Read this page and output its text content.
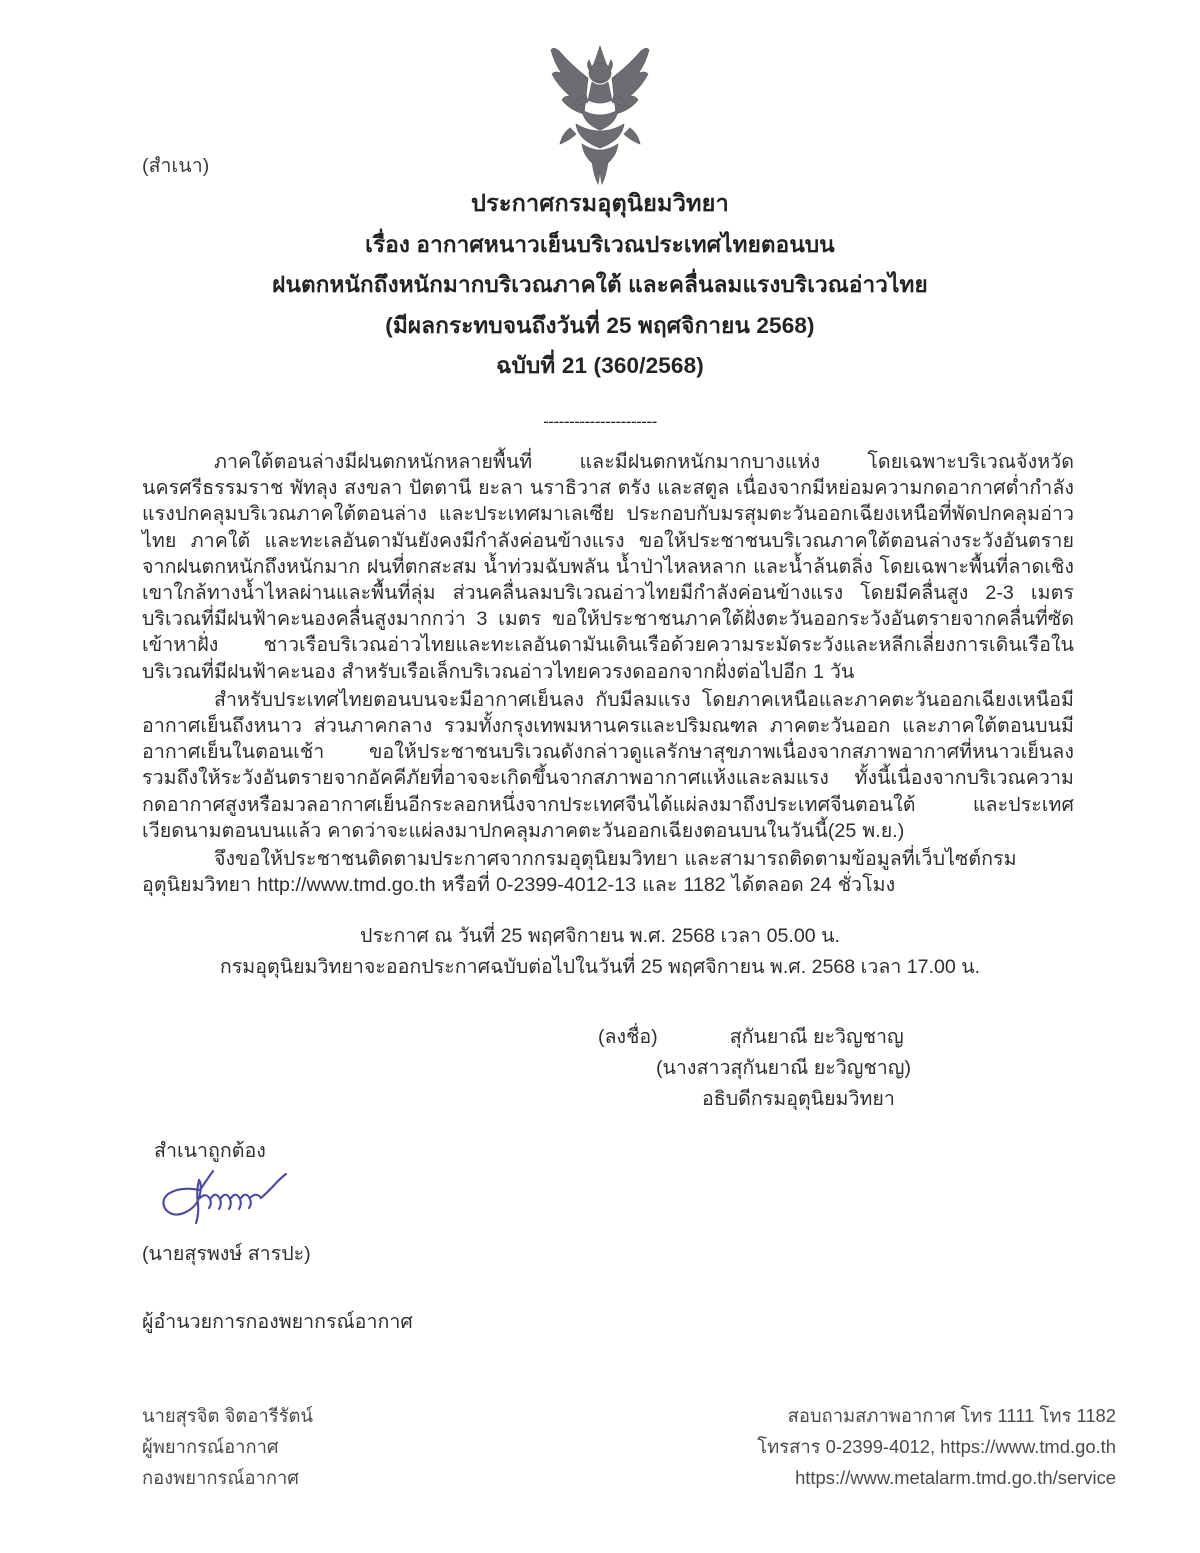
(สำเนา)
ประกาศกรมอุตุนิยมวิทยา
เรื่อง อากาศหนาวเย็นบริเวณประเทศไทยตอนบน
ฝนตกหนักถึงหนักมากบริเวณภาคใต้ และคลื่นลมแรงบริเวณอ่าวไทย
(มีผลกระทบจนถึงวันที่ 25 พฤศจิกายน 2568)
ฉบับที่ 21 (360/2568)
----------------------

ภาคใต้ตอนล่างมีฝนตกหนักหลายพื้นที่ และมีฝนตกหนักมากบางแห่ง โดยเฉพาะบริเวณจังหวัดนครศรีธรรมราช พัทลุง สงขลา ปัตตานี ยะลา นราธิวาส ตรัง และสตูล เนื่องจากมีหย่อมความกดอากาศต่ำกำลังแรงปกคลุมบริเวณภาคใต้ตอนล่าง และประเทศมาเลเซีย ประกอบกับมรสุมตะวันออกเฉียงเหนือที่พัดปกคลุมอ่าวไทย ภาคใต้ และทะเลอันดามันยังคงมีกำลังค่อนข้างแรง ขอให้ประชาชนบริเวณภาคใต้ตอนล่างระวังอันตรายจากฝนตกหนักถึงหนักมาก ฝนที่ตกสะสม น้ำท่วมฉับพลัน น้ำป่าไหลหลาก และน้ำล้นตลิ่ง โดยเฉพาะพื้นที่ลาดเชิงเขาใกล้ทางน้ำไหลผ่านและพื้นที่ลุ่ม ส่วนคลื่นลมบริเวณอ่าวไทยมีกำลังค่อนข้างแรง โดยมีคลื่นสูง 2-3 เมตร บริเวณที่มีฝนฟ้าคะนองคลื่นสูงมากกว่า 3 เมตร ขอให้ประชาชนภาคใต้ฝั่งตะวันออกระวังอันตรายจากคลื่นที่ซัดเข้าหาฝั่ง ชาวเรือบริเวณอ่าวไทยและทะเลอันดามันเดินเรือด้วยความระมัดระวังและหลีกเลี่ยงการเดินเรือในบริเวณที่มีฝนฟ้าคะนอง สำหรับเรือเล็กบริเวณอ่าวไทยควรงดออกจากฝั่งต่อไปอีก 1 วัน

สำหรับประเทศไทยตอนบนจะมีอากาศเย็นลง กับมีลมแรง โดยภาคเหนือและภาคตะวันออกเฉียงเหนือมีอากาศเย็นถึงหนาว ส่วนภาคกลาง รวมทั้งกรุงเทพมหานครและปริมณฑล ภาคตะวันออก และภาคใต้ตอนบนมีอากาศเย็นในตอนเช้า ขอให้ประชาชนบริเวณดังกล่าวดูแลรักษาสุขภาพเนื่องจากสภาพอากาศที่หนาวเย็นลง รวมถึงให้ระวังอันตรายจากอัคคีภัยที่อาจจะเกิดขึ้นจากสภาพอากาศแห้งและลมแรง ทั้งนี้เนื่องจากบริเวณความกดอากาศสูงหรือมวลอากาศเย็นอีกระลอกหนึ่งจากประเทศจีนได้แผ่ลงมาถึงประเทศจีนตอนใต้ และประเทศเวียดนามตอนบนแล้ว คาดว่าจะแผ่ลงมาปกคลุมภาคตะวันออกเฉียงตอนบนในวันนี้(25 พ.ย.)

จึงขอให้ประชาชนติดตามประกาศจากกรมอุตุนิยมวิทยา และสามารถติดตามข้อมูลที่เว็บไซต์กรมอุตุนิยมวิทยา http://www.tmd.go.th หรือที่ 0-2399-4012-13 และ 1182 ได้ตลอด 24 ชั่วโมง

ประกาศ ณ วันที่ 25 พฤศจิกายน พ.ศ. 2568 เวลา 05.00 น.
กรมอุตุนิยมวิทยาจะออกประกาศฉบับต่อไปในวันที่ 25 พฤศจิกายน พ.ศ. 2568 เวลา 17.00 น.
(ลงชื่อ)	สุกันยาณี ยะวิญชาญ
(นางสาวสุกันยาณี ยะวิญชาญ)
อธิบดีกรมอุตุนิยมวิทยา
สำเนาถูกต้อง
(นายสุรพงษ์ สารปะ)
ผู้อำนวยการกองพยากรณ์อากาศ
นายสุรจิต จิตอารีรัตน์
ผู้พยากรณ์อากาศ
กองพยากรณ์อากาศ
สอบถามสภาพอากาศ โทร 1111 โทร 1182
โทรสาร 0-2399-4012, https://www.tmd.go.th
https://www.metalarm.tmd.go.th/service
